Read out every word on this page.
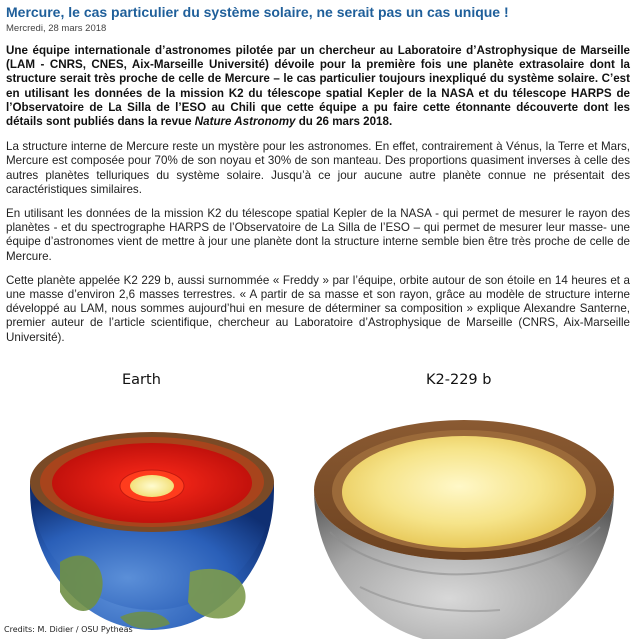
Mercure, le cas particulier du système solaire, ne serait pas un cas unique !
Mercredi, 28 mars 2018

Une équipe internationale d’astronomes pilotée par un chercheur au Laboratoire d’Astrophysique de Marseille (LAM - CNRS, CNES, Aix-Marseille Université) dévoile pour la première fois une planète extrasolaire dont la structure serait très proche de celle de Mercure – le cas particulier toujours inexpliqué du système solaire. C’est en utilisant les données de la mission K2 du télescope spatial Kepler de la NASA et du télescope HARPS de l’Observatoire de La Silla de l’ESO au Chili que cette équipe a pu faire cette étonnante découverte dont les détails sont publiés dans la revue Nature Astronomy du 26 mars 2018.

La structure interne de Mercure reste un mystère pour les astronomes. En effet, contrairement à Vénus, la Terre et Mars, Mercure est composée pour 70% de son noyau et 30% de son manteau. Des proportions quasiment inverses à celle des autres planètes telluriques du système solaire. Jusqu’à ce jour aucune autre planète connue ne présentait des caractéristiques similaires.

En utilisant les données de la mission K2 du télescope spatial Kepler de la NASA - qui permet de mesurer le rayon des planètes - et du spectrographe HARPS de l’Observatoire de La Silla de l’ESO – qui permet de mesurer leur masse- une équipe d’astronomes vient de mettre à jour une planète dont la structure interne semble bien être très proche de celle de Mercure.

Cette planète appelée K2 229 b, aussi surnommée « Freddy » par l’équipe, orbite autour de son étoile en 14 heures et a une masse d’environ 2,6 masses terrestres. « A partir de sa masse et son rayon, grâce au modèle de structure interne développé au LAM, nous sommes aujourd’hui en mesure de déterminer sa composition » explique Alexandre Santerne, premier auteur de l’article scientifique, chercheur au Laboratoire d’Astrophysique de Marseille (CNRS, Aix-Marseille Université).

Earth	K2-229 b
Credits: M. Didier / OSU Pytheas
